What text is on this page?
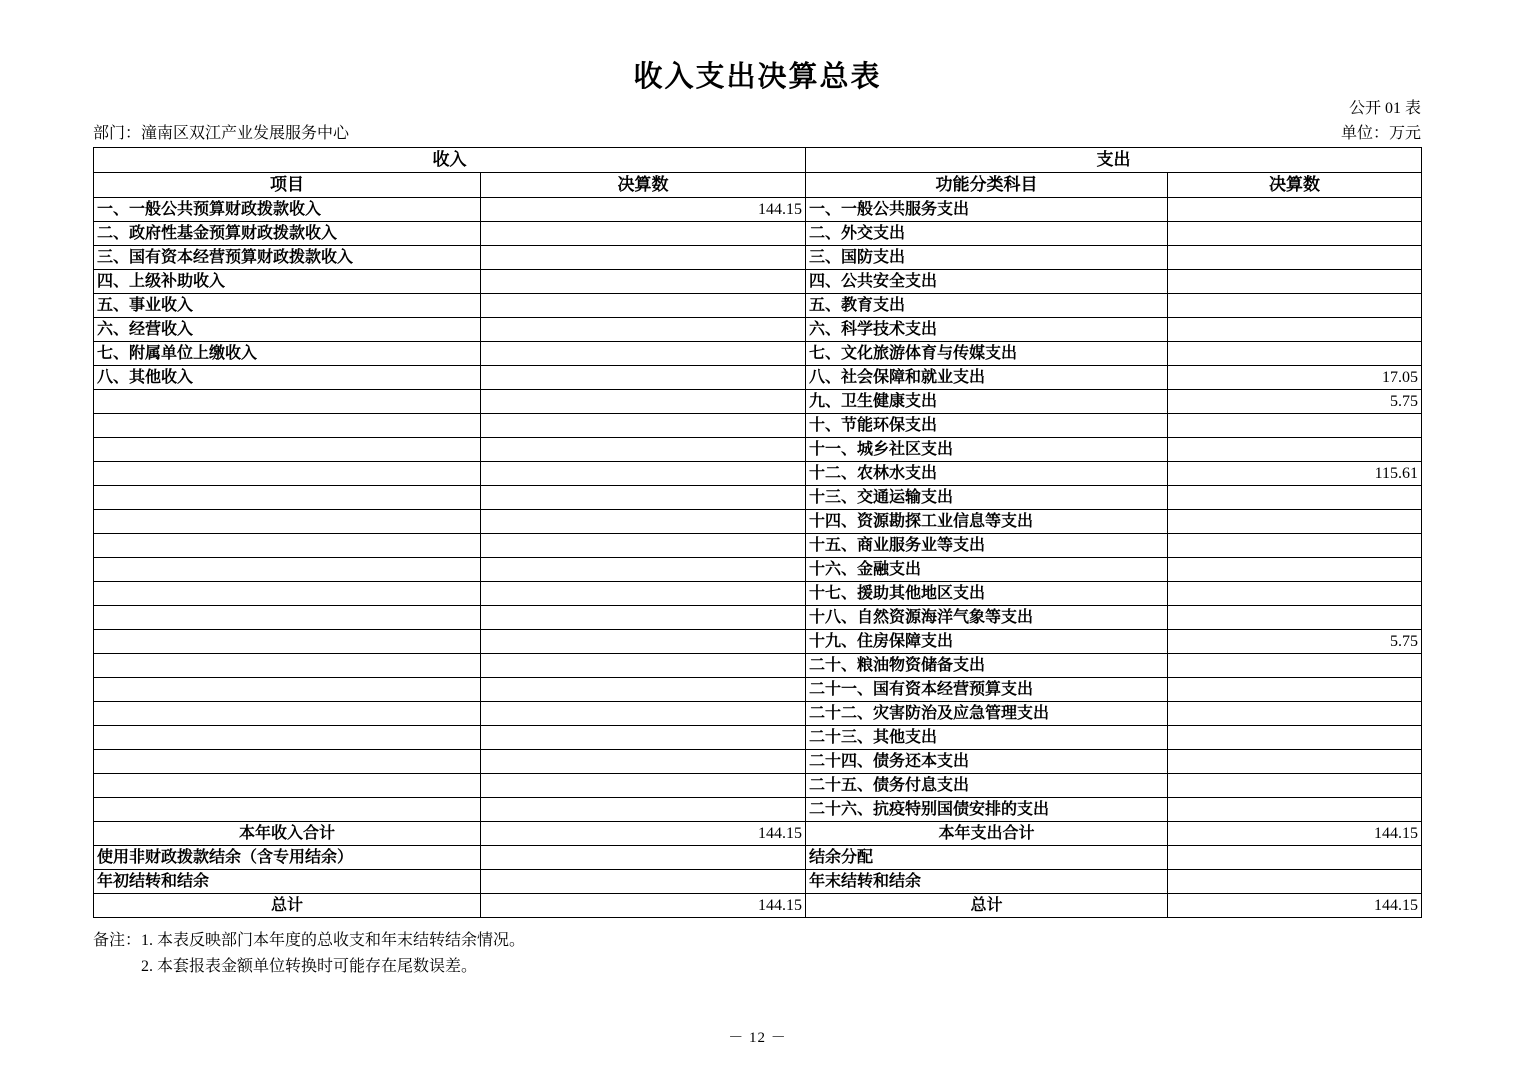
收入支出决算总表
公开 01 表
部门：潼南区双江产业发展服务中心	单位：万元
收入		支出	
项目	决算数	功能分类科目	决算数
一、一般公共预算财政拨款收入	144.15	一、一般公共服务支出	
二、政府性基金预算财政拨款收入		二、外交支出	
三、国有资本经营预算财政拨款收入		三、国防支出	
四、上级补助收入		四、公共安全支出	
五、事业收入		五、教育支出	
六、经营收入		六、科学技术支出	
七、附属单位上缴收入		七、文化旅游体育与传媒支出	
八、其他收入		八、社会保障和就业支出	17.05
		九、卫生健康支出	5.75
		十、节能环保支出	
		十一、城乡社区支出	
		十二、农林水支出	115.61
		十三、交通运输支出	
		十四、资源勘探工业信息等支出	
		十五、商业服务业等支出	
		十六、金融支出	
		十七、援助其他地区支出	
		十八、自然资源海洋气象等支出	
		十九、住房保障支出	5.75
		二十、粮油物资储备支出	
		二十一、国有资本经营预算支出	
		二十二、灾害防治及应急管理支出	
		二十三、其他支出	
		二十四、债务还本支出	
		二十五、债务付息支出	
		二十六、抗疫特别国债安排的支出	
本年收入合计	144.15	本年支出合计	144.15
使用非财政拨款结余（含专用结余）		结余分配	
年初结转和结余		年末结转和结余	
总计	144.15	总计	144.15
备注： 1. 本表反映部门本年度的总收支和年末结转结余情况。
2. 本套报表金额单位转换时可能存在尾数误差。
－ 12 －
